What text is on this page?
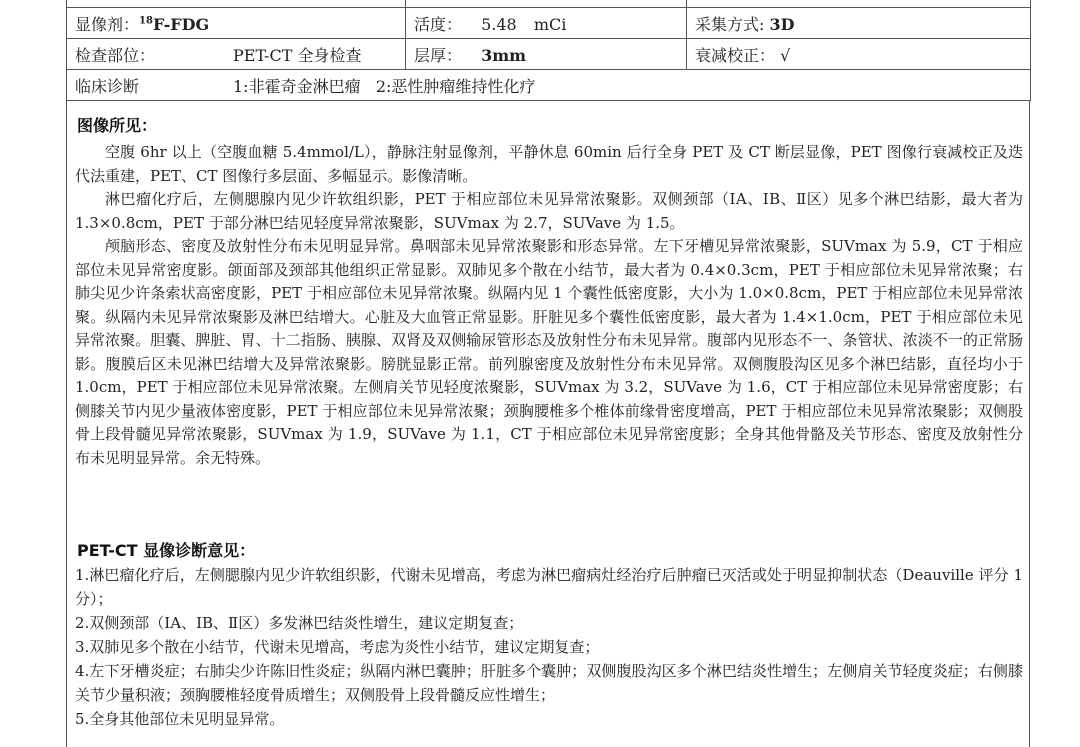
显像剂：$^{18}$F-FDG	活度： 5.48 mCi	采集方式: 3D
检查部位： PET-CT 全身检查	层厚： 3mm	衰减校正： √
临床诊断 1:非霍奇金淋巴瘤   2:恶性肿瘤维持性化疗		
图像所见：

空腹 6hr 以上（空腹血糖 5.4mmol/L），静脉注射显像剂，平静休息 60min 后行全身 PET 及 CT 断层显像，PET 图像行衰减校正及迭代法重建，PET、CT 图像行多层面、多幅显示。影像清晰。

淋巴瘤化疗后，左侧腮腺内见少许软组织影，PET 于相应部位未见异常浓聚影。双侧颈部（ⅠA、ⅠB、Ⅱ区）见多个淋巴结影，最大者为 1.3×0.8cm，PET 于部分淋巴结见轻度异常浓聚影，SUVmax 为 2.7，SUVave 为 1.5。

颅脑形态、密度及放射性分布未见明显异常。鼻咽部未见异常浓聚影和形态异常。左下牙槽见异常浓聚影，SUVmax 为 5.9，CT 于相应部位未见异常密度影。颌面部及颈部其他组织正常显影。双肺见多个散在小结节，最大者为 0.4×0.3cm，PET 于相应部位未见异常浓聚；右肺尖见少许条索状高密度影，PET 于相应部位未见异常浓聚。纵隔内见 1 个囊性低密度影，大小为 1.0×0.8cm，PET 于相应部位未见异常浓聚。纵隔内未见异常浓聚影及淋巴结增大。心脏及大血管正常显影。肝脏见多个囊性低密度影，最大者为 1.4×1.0cm，PET 于相应部位未见异常浓聚。胆囊、脾脏、胃、十二指肠、胰腺、双肾及双侧输尿管形态及放射性分布未见异常。腹部内见形态不一、条管状、浓淡不一的正常肠影。腹膜后区未见淋巴结增大及异常浓聚影。膀胱显影正常。前列腺密度及放射性分布未见异常。双侧腹股沟区见多个淋巴结影，直径均小于 1.0cm，PET 于相应部位未见异常浓聚。左侧肩关节见轻度浓聚影，SUVmax 为 3.2，SUVave 为 1.6，CT 于相应部位未见异常密度影；右侧膝关节内见少量液体密度影，PET 于相应部位未见异常浓聚；颈胸腰椎多个椎体前缘骨密度增高，PET 于相应部位未见异常浓聚影；双侧股骨上段骨髓见异常浓聚影，SUVmax 为 1.9，SUVave 为 1.1，CT 于相应部位未见异常密度影；全身其他骨骼及关节形态、密度及放射性分布未见明显异常。余无特殊。

PET-CT 显像诊断意见：
1.淋巴瘤化疗后，左侧腮腺内见少许软组织影，代谢未见增高，考虑为淋巴瘤病灶经治疗后肿瘤已灭活或处于明显抑制状态（Deauville 评分 1 分）；
2.双侧颈部（ⅠA、ⅠB、Ⅱ区）多发淋巴结炎性增生，建议定期复查；
3.双肺见多个散在小结节，代谢未见增高，考虑为炎性小结节，建议定期复查；
4.左下牙槽炎症；右肺尖少许陈旧性炎症；纵隔内淋巴囊肿；肝脏多个囊肿；双侧腹股沟区多个淋巴结炎性增生；左侧肩关节轻度炎症；右侧膝关节少量积液；颈胸腰椎轻度骨质增生；双侧股骨上段骨髓反应性增生；
5.全身其他部位未见明显异常。
